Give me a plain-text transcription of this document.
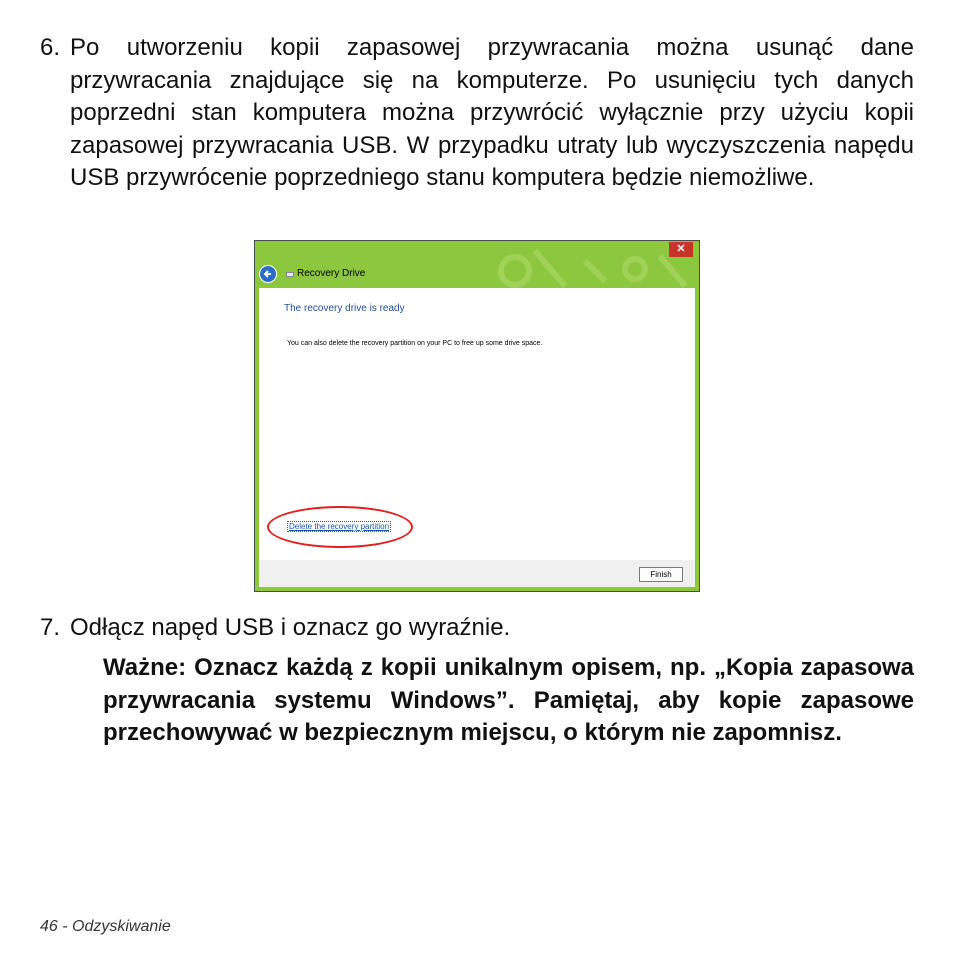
6. Po utworzeniu kopii zapasowej przywracania można usunąć dane przywracania znajdujące się na komputerze. Po usunięciu tych danych poprzedni stan komputera można przywrócić wyłącznie przy użyciu kopii zapasowej przywracania USB. W przypadku utraty lub wyczyszczenia napędu USB przywrócenie poprzedniego stanu komputera będzie niemożliwe.
✕
Recovery Drive
The recovery drive is ready
You can also delete the recovery partition on your PC to free up some drive space.
Delete the recovery partition
Finish
7. Odłącz napęd USB i oznacz go wyraźnie.
Ważne: Oznacz każdą z kopii unikalnym opisem, np. „Kopia zapasowa przywracania systemu Windows”. Pamiętaj, aby kopie zapasowe przechowywać w bezpiecznym miejscu, o którym nie zapomnisz.
46 - Odzyskiwanie
